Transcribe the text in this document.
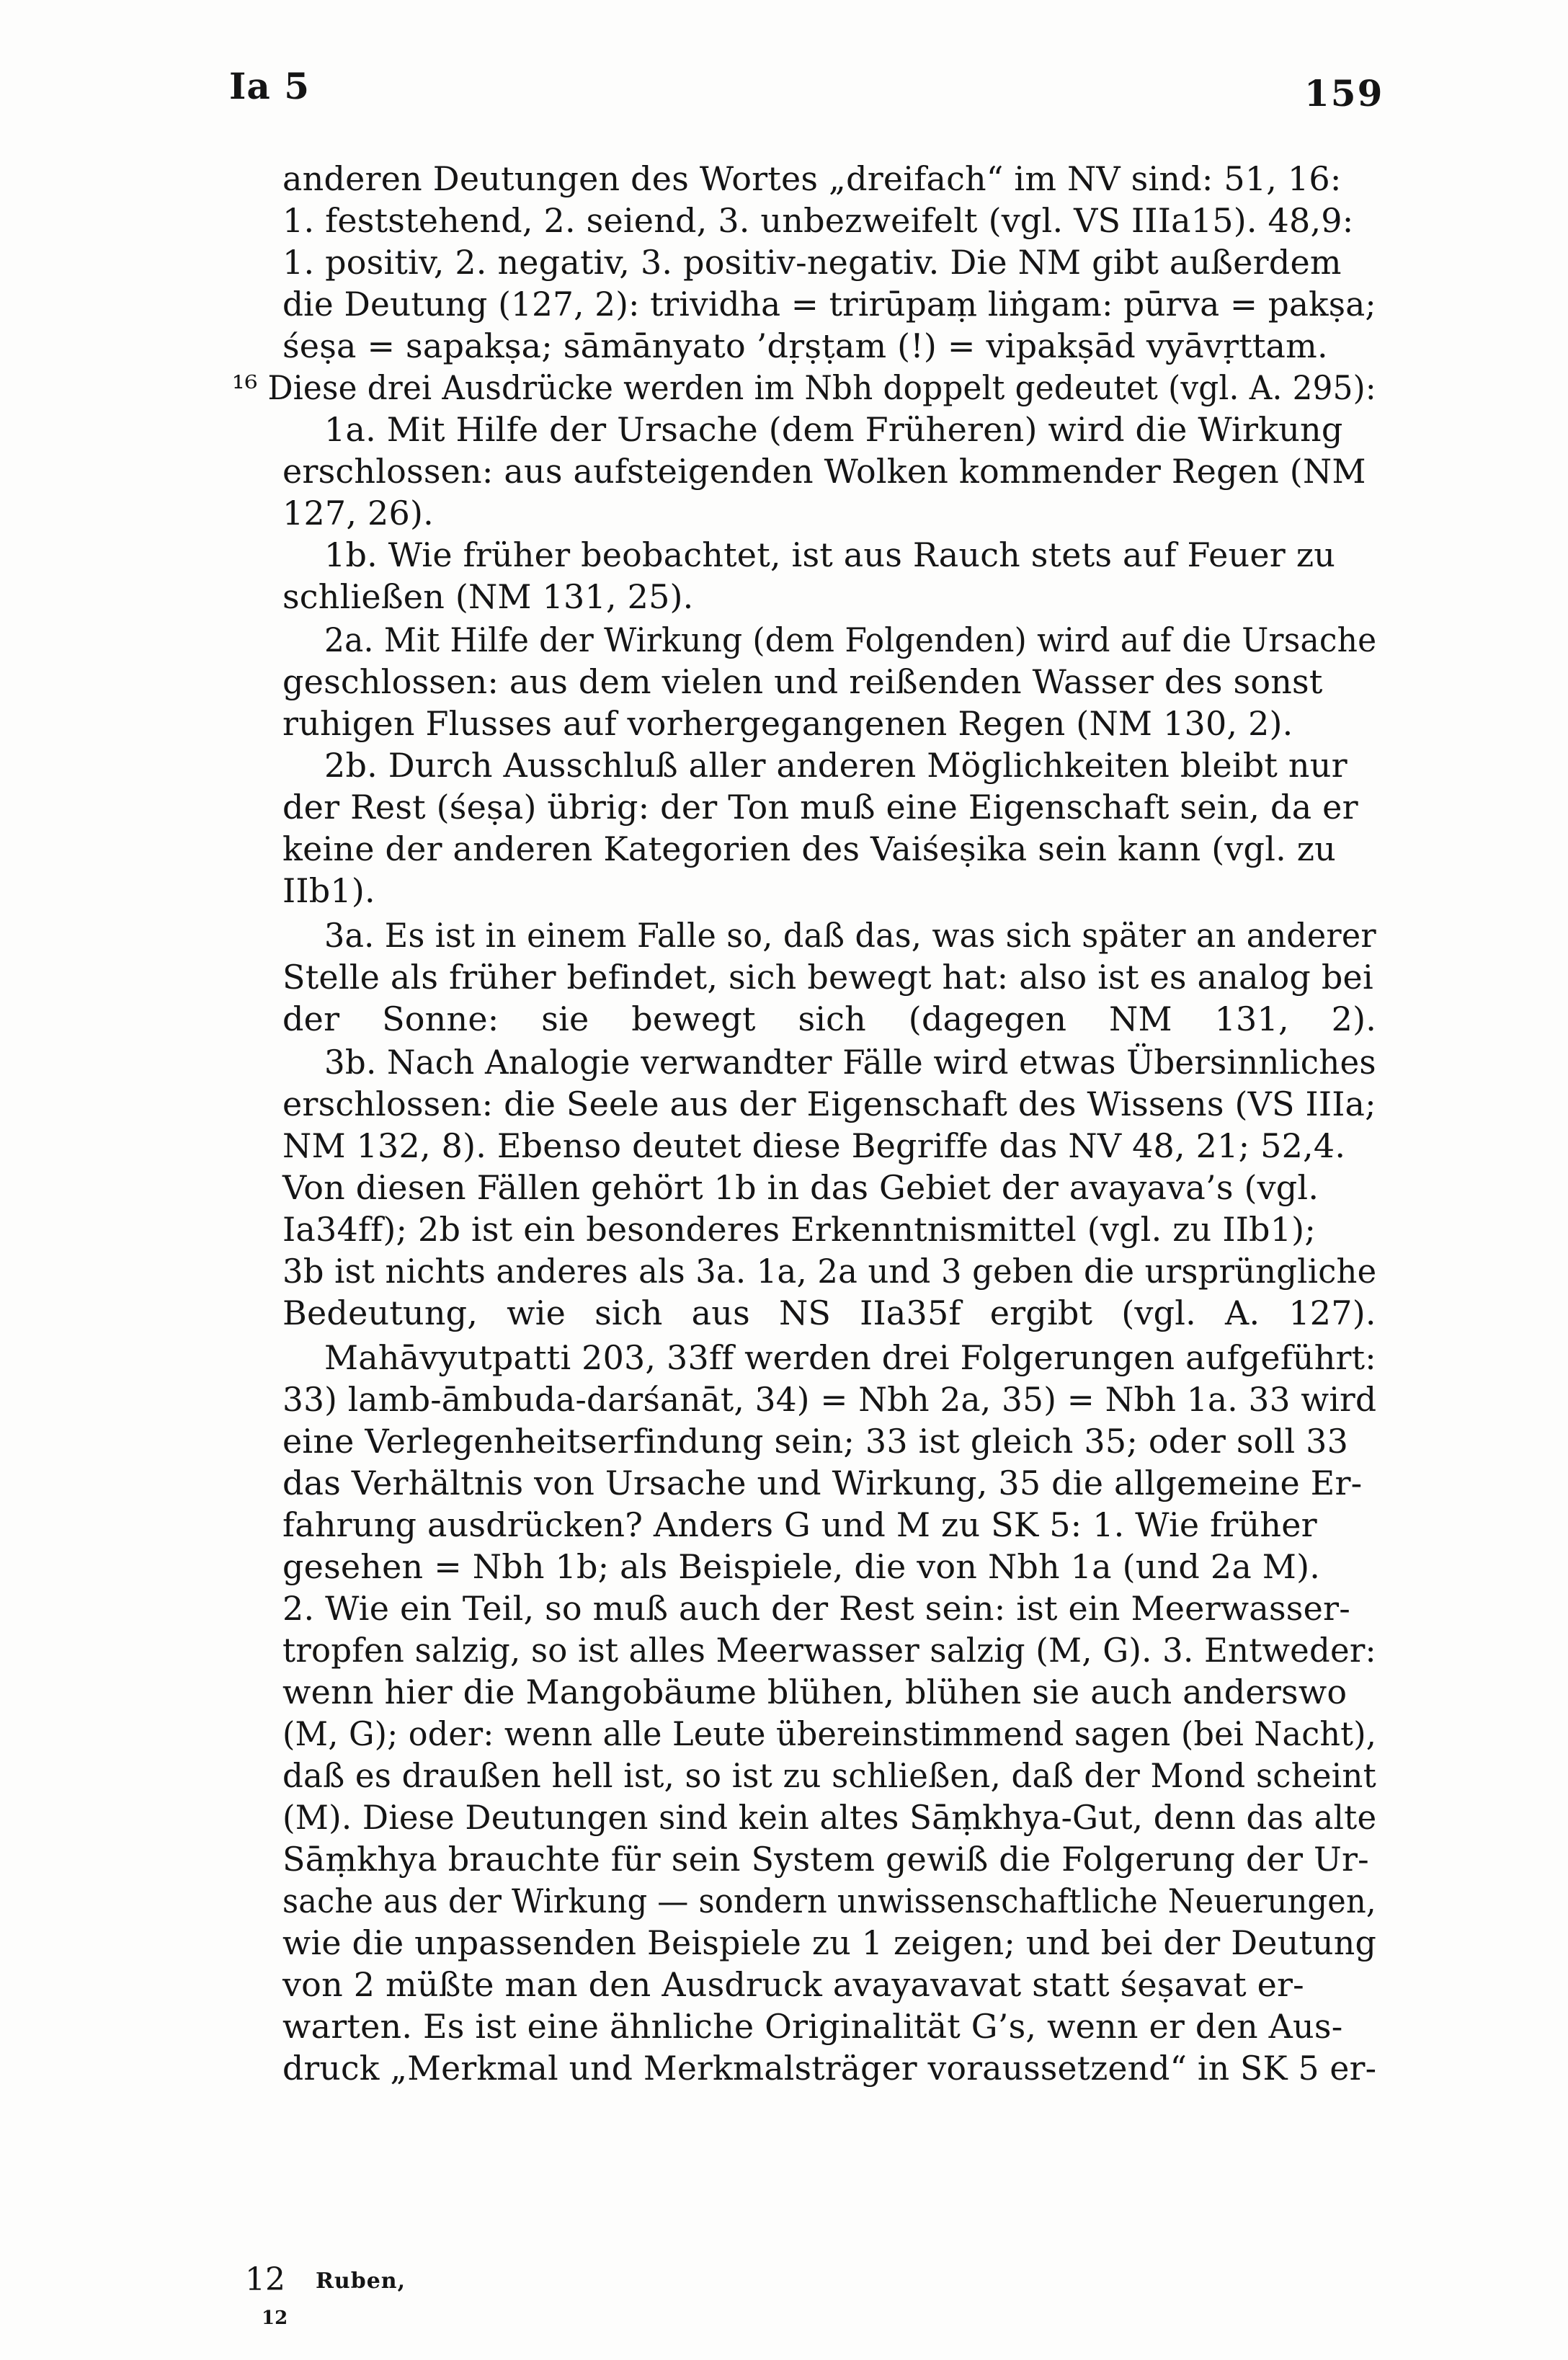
Ia 5	159
anderen Deutungen des Wortes „dreifach“ im NV sind: 51, 16:
1. feststehend, 2. seiend, 3. unbezweifelt (vgl. VS IIIa15). 48,9:
1. positiv, 2. negativ, 3. positiv-negativ. Die NM gibt außerdem
die Deutung (127, 2): trividha = trirūpaṃ liṅgam: pūrva = pakṣa;
śeṣa = sapakṣa; sāmānyato ’dṛṣṭam (!) = vipakṣād vyāvṛttam.
¹⁶ Diese drei Ausdrücke werden im Nbh doppelt gedeutet (vgl. A. 295):
1a. Mit Hilfe der Ursache (dem Früheren) wird die Wirkung
erschlossen: aus aufsteigenden Wolken kommender Regen (NM
127, 26).
1b. Wie früher beobachtet, ist aus Rauch stets auf Feuer zu
schließen (NM 131, 25).
2a. Mit Hilfe der Wirkung (dem Folgenden) wird auf die Ursache
geschlossen: aus dem vielen und reißenden Wasser des sonst
ruhigen Flusses auf vorhergegangenen Regen (NM 130, 2).
2b. Durch Ausschluß aller anderen Möglichkeiten bleibt nur
der Rest (śeṣa) übrig: der Ton muß eine Eigenschaft sein, da er
keine der anderen Kategorien des Vaiśeṣika sein kann (vgl. zu
IIb1).
3a. Es ist in einem Falle so, daß das, was sich später an anderer
Stelle als früher befindet, sich bewegt hat: also ist es analog bei
der Sonne: sie bewegt sich (dagegen NM 131, 2).
3b. Nach Analogie verwandter Fälle wird etwas Übersinnliches
erschlossen: die Seele aus der Eigenschaft des Wissens (VS IIIa;
NM 132, 8). Ebenso deutet diese Begriffe das NV 48, 21; 52,4.
Von diesen Fällen gehört 1b in das Gebiet der avayava’s (vgl.
Ia34ff); 2b ist ein besonderes Erkenntnismittel (vgl. zu IIb1);
3b ist nichts anderes als 3a. 1a, 2a und 3 geben die ursprüngliche
Bedeutung, wie sich aus NS IIa35f ergibt (vgl. A. 127).
Mahāvyutpatti 203, 33ff werden drei Folgerungen aufgeführt:
33) lamb-āmbuda-darśanāt, 34) = Nbh 2a, 35) = Nbh 1a. 33 wird
eine Verlegenheitserfindung sein; 33 ist gleich 35; oder soll 33
das Verhältnis von Ursache und Wirkung, 35 die allgemeine Er-
fahrung ausdrücken? Anders G und M zu SK 5: 1. Wie früher
gesehen = Nbh 1b; als Beispiele, die von Nbh 1a (und 2a M).
2. Wie ein Teil, so muß auch der Rest sein: ist ein Meerwasser-
tropfen salzig, so ist alles Meerwasser salzig (M, G). 3. Entweder:
wenn hier die Mangobäume blühen, blühen sie auch anderswo
(M, G); oder: wenn alle Leute übereinstimmend sagen (bei Nacht),
daß es draußen hell ist, so ist zu schließen, daß der Mond scheint
(M). Diese Deutungen sind kein altes Sāṃkhya-Gut, denn das alte
Sāṃkhya brauchte für sein System gewiß die Folgerung der Ur-
sache aus der Wirkung — sondern unwissenschaftliche Neuerungen,
wie die unpassenden Beispiele zu 1 zeigen; und bei der Deutung
von 2 müßte man den Ausdruck avayavavat statt śeṣavat er-
warten. Es ist eine ähnliche Originalität G’s, wenn er den Aus-
druck „Merkmal und Merkmalsträger voraussetzend“ in SK 5 er-
12 Ruben,
12
